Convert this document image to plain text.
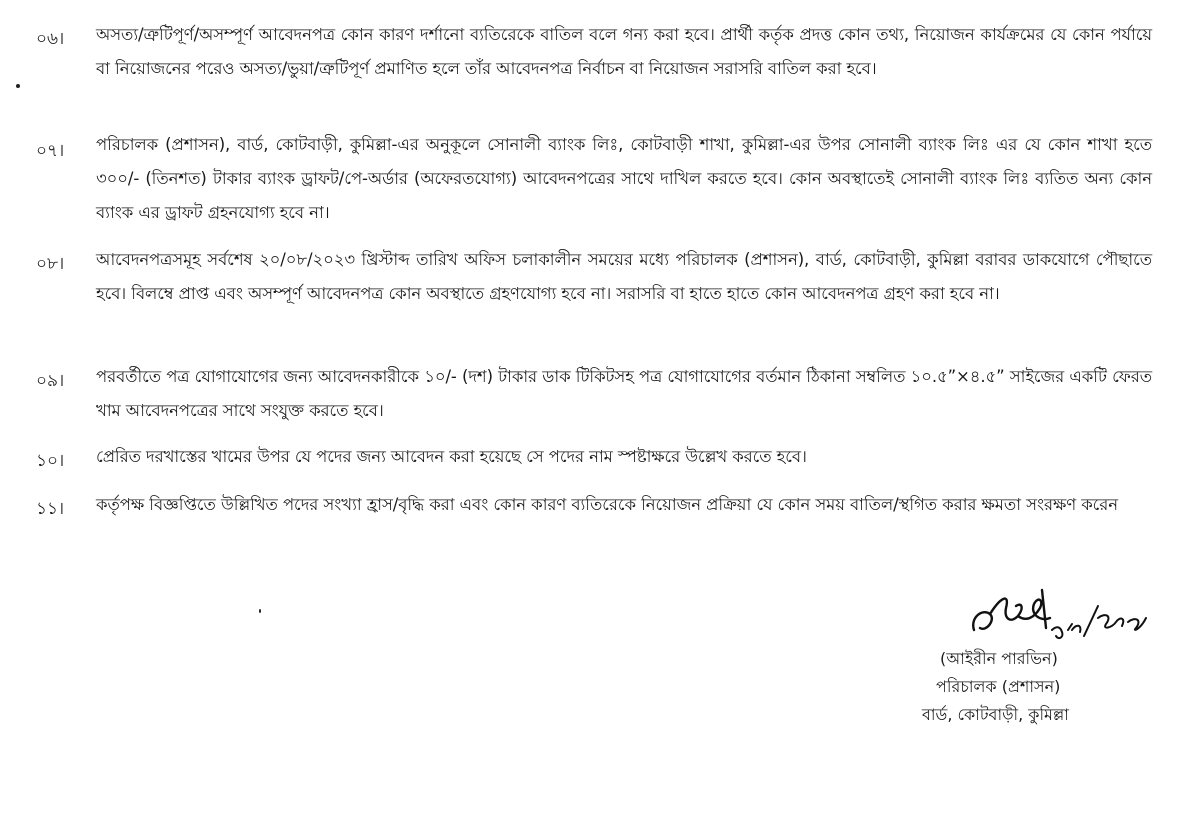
০৬।	অসত্য/ত্রুটিপূর্ণ/অসম্পূর্ণ আবেদনপত্র কোন কারণ দর্শানো ব্যতিরেকে বাতিল বলে গন্য করা হবে। প্রার্থী কর্তৃক প্রদত্ত কোন তথ্য, নিয়োজন কার্যক্রমের যে কোন পর্যায়ে বা নিয়োজনের পরেও অসত্য/ভুয়া/ত্রুটিপূর্ণ প্রমাণিত হলে তাঁর আবেদনপত্র নির্বাচন বা নিয়োজন সরাসরি বাতিল করা হবে।
০৭।	পরিচালক (প্রশাসন), বার্ড, কোটবাড়ী, কুমিল্লা-এর অনুকূলে সোনালী ব্যাংক লিঃ, কোটবাড়ী শাখা, কুমিল্লা-এর উপর সোনালী ব্যাংক লিঃ এর যে কোন শাখা হতে ৩০০/- (তিনশত) টাকার ব্যাংক ড্রাফট/পে-অর্ডার (অফেরতযোগ্য) আবেদনপত্রের সাথে দাখিল করতে হবে। কোন অবস্থাতেই সোনালী ব্যাংক লিঃ ব্যতিত অন্য কোন ব্যাংক এর ড্রাফট গ্রহনযোগ্য হবে না।
০৮।	আবেদনপত্রসমূহ সর্বশেষ ২০/০৮/২০২৩ খ্রিস্টাব্দ তারিখ অফিস চলাকালীন সময়ের মধ্যে পরিচালক (প্রশাসন), বার্ড, কোটবাড়ী, কুমিল্লা বরাবর ডাকযোগে পৌছাতে হবে। বিলম্বে প্রাপ্ত এবং অসম্পূর্ণ আবেদনপত্র কোন অবস্থাতে গ্রহণযোগ্য হবে না। সরাসরি বা হাতে হাতে কোন আবেদনপত্র গ্রহণ করা হবে না।
০৯।	পরবর্তীতে পত্র যোগাযোগের জন্য আবেদনকারীকে ১০/- (দশ) টাকার ডাক টিকিটসহ পত্র যোগাযোগের বর্তমান ঠিকানা সম্বলিত ১০.৫”×৪.৫” সাইজের একটি ফেরত খাম আবেদনপত্রের সাথে সংযুক্ত করতে হবে।
১০।	প্রেরিত দরখাস্তের খামের উপর যে পদের জন্য আবেদন করা হয়েছে সে পদের নাম স্পষ্টাক্ষরে উল্লেখ করতে হবে।
১১।	কর্তৃপক্ষ বিজ্ঞপ্তিতে উল্লিখিত পদের সংখ্যা হ্রাস/বৃদ্ধি করা এবং কোন কারণ ব্যতিরেকে নিয়োজন প্রক্রিয়া যে কোন সময় বাতিল/স্থগিত করার ক্ষমতা সংরক্ষণ করেন
(আইরীন পারভিন)
পরিচালক (প্রশাসন)
বার্ড, কোটবাড়ী, কুমিল্লা
